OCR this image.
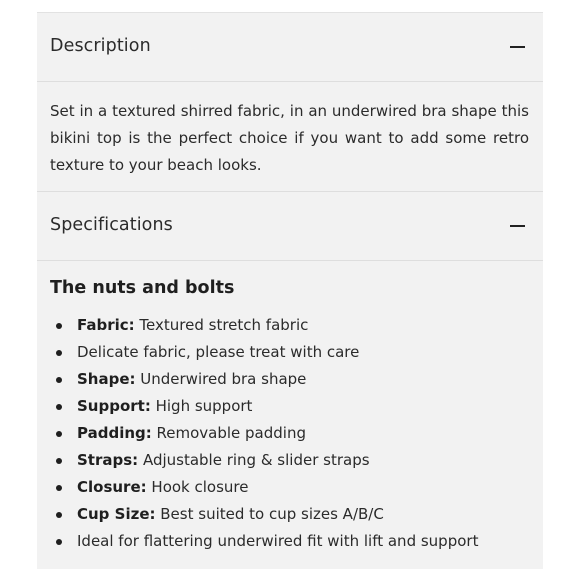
Description

Set in a textured shirred fabric, in an underwired bra shape this bikini top is the perfect choice if you want to add some retro texture to your beach looks.

Specifications
The nuts and bolts
Fabric: Textured stretch fabric
Delicate fabric, please treat with care
Shape: Underwired bra shape
Support: High support
Padding: Removable padding
Straps: Adjustable ring & slider straps
Closure: Hook closure
Cup Size: Best suited to cup sizes A/B/C
Ideal for flattering underwired fit with lift and support
